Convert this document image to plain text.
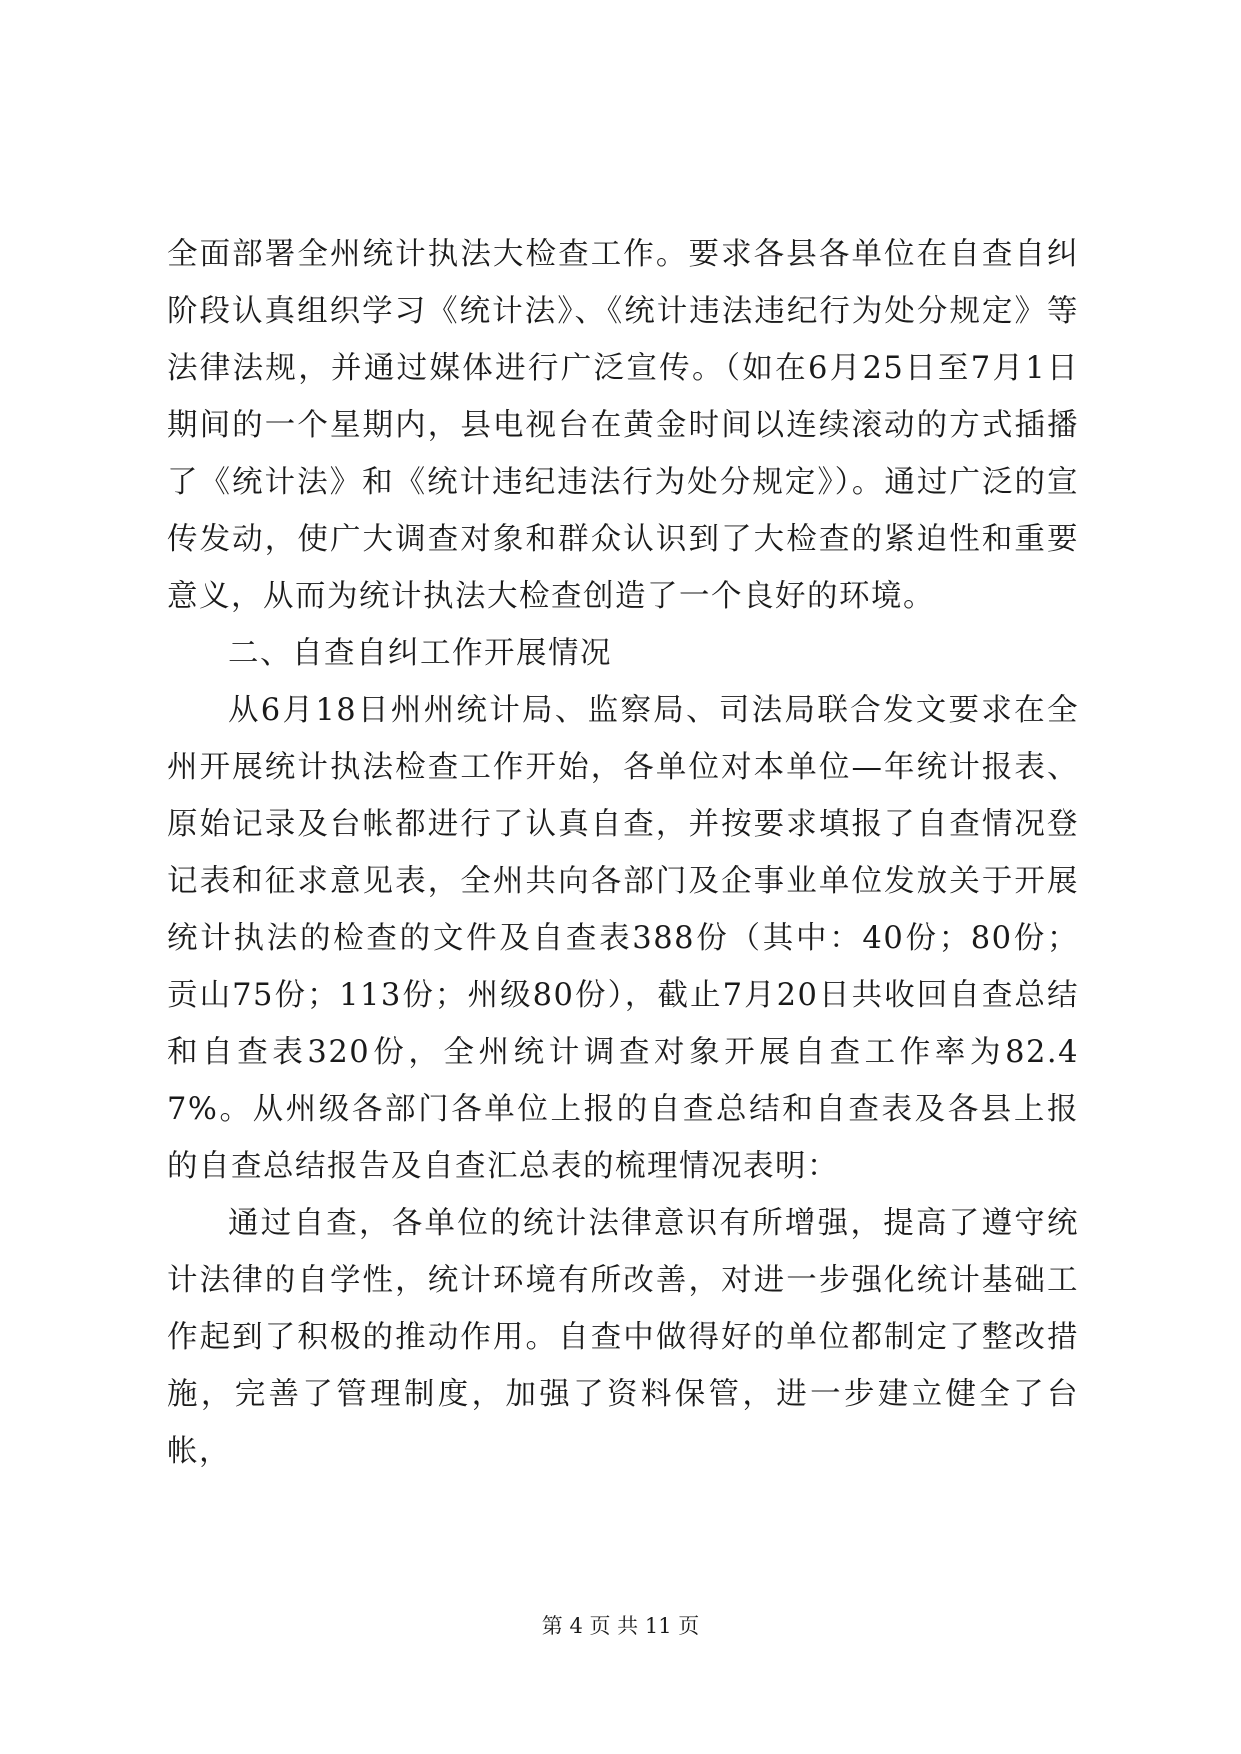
全面部署全州统计执法大检查工作。要求各县各单位在自查自纠阶段认真组织学习《统计法》、《统计违法违纪行为处分规定》等法律法规，并通过媒体进行广泛宣传。（如在6月25日至7月1日期间的一个星期内，县电视台在黄金时间以连续滚动的方式插播了《统计法》和《统计违纪违法行为处分规定》）。通过广泛的宣传发动，使广大调查对象和群众认识到了大检查的紧迫性和重要意义，从而为统计执法大检查创造了一个良好的环境。

二、自查自纠工作开展情况

从6月18日州州统计局、监察局、司法局联合发文要求在全州开展统计执法检查工作开始，各单位对本单位—年统计报表、原始记录及台帐都进行了认真自查，并按要求填报了自查情况登记表和征求意见表，全州共向各部门及企事业单位发放关于开展统计执法的检查的文件及自查表388份（其中：40份；80份；贡山75份；113份；州级80份），截止7月20日共收回自查总结和自查表320份，全州统计调查对象开展自查工作率为82.47%。从州级各部门各单位上报的自查总结和自查表及各县上报的自查总结报告及自查汇总表的梳理情况表明：

通过自查，各单位的统计法律意识有所增强，提高了遵守统计法律的自学性，统计环境有所改善，对进一步强化统计基础工作起到了积极的推动作用。自查中做得好的单位都制定了整改措施，完善了管理制度，加强了资料保管，进一步建立健全了台帐，

第 4 页 共 11 页
